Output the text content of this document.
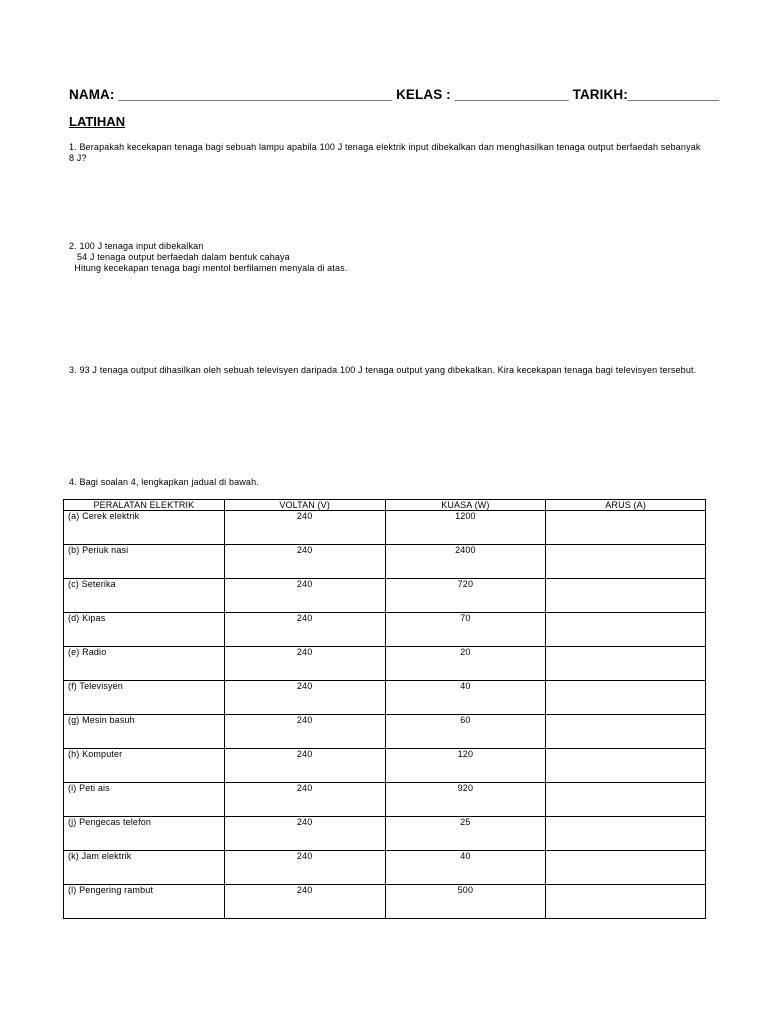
NAMA: ____________________________________ KELAS : _______________ TARIKH:____________
LATIHAN
1. Berapakah kecekapan tenaga bagi sebuah lampu apabila 100 J tenaga elektrik input dibekalkan dan menghasilkan tenaga output berfaedah sebanyak 8 J?
2. 100 J tenaga input dibekalkan
54 J tenaga output berfaedah dalam bentuk cahaya
Hitung kecekapan tenaga bagi mentol berfilamen menyala di atas.
3. 93 J tenaga output dihasilkan oleh sebuah televisyen daripada 100 J tenaga output yang dibekalkan. Kira kecekapan tenaga bagi televisyen tersebut.
4. Bagi soalan 4, lengkapkan jadual di bawah.
PERALATAN ELEKTRIK	VOLTAN (V)	KUASA (W)	ARUS (A)
(a) Cerek elektrik	240	1200	
(b) Periuk nasi	240	2400	
(c) Seterika	240	720	
(d) Kipas	240	70	
(e) Radio	240	20	
(f) Televisyen	240	40	
(g) Mesin basuh	240	60	
(h) Komputer	240	120	
(i) Peti ais	240	920	
(j) Pengecas telefon	240	25	
(k) Jam elektrik	240	40	
(l) Pengering rambut	240	500	
